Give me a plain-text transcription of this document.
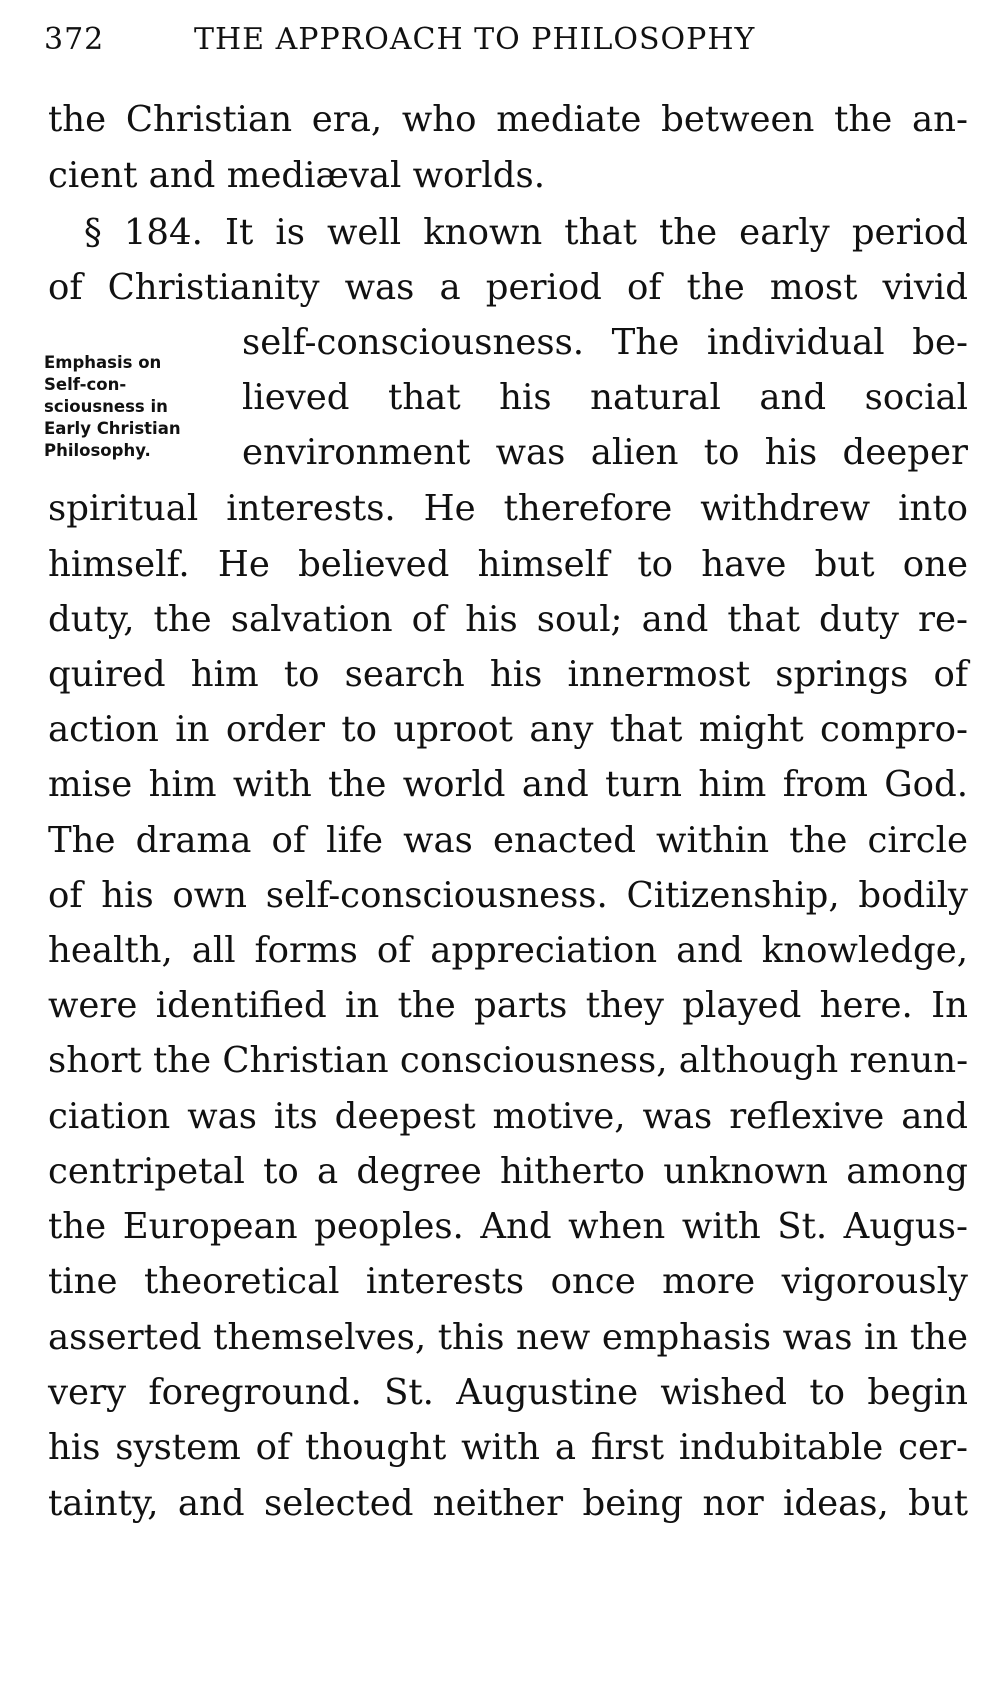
372	THE APPROACH TO PHILOSOPHY
Emphasis on
Self-con-
sciousness in
Early Christian
Philosophy.
the Christian era, who mediate between the an-
cient and mediæval worlds.
§ 184. It is well known that the early period
of Christianity was a period of the most vivid
self-consciousness. The individual be-
lieved that his natural and social
environment was alien to his deeper
spiritual interests. He therefore withdrew into
himself. He believed himself to have but one
duty, the salvation of his soul; and that duty re-
quired him to search his innermost springs of
action in order to uproot any that might compro-
mise him with the world and turn him from God.
The drama of life was enacted within the circle
of his own self-consciousness. Citizenship, bodily
health, all forms of appreciation and knowledge,
were identified in the parts they played here. In
short the Christian consciousness, although renun-
ciation was its deepest motive, was reflexive and
centripetal to a degree hitherto unknown among
the European peoples. And when with St. Augus-
tine theoretical interests once more vigorously
asserted themselves, this new emphasis was in the
very foreground. St. Augustine wished to begin
his system of thought with a first indubitable cer-
tainty, and selected neither being nor ideas, but
